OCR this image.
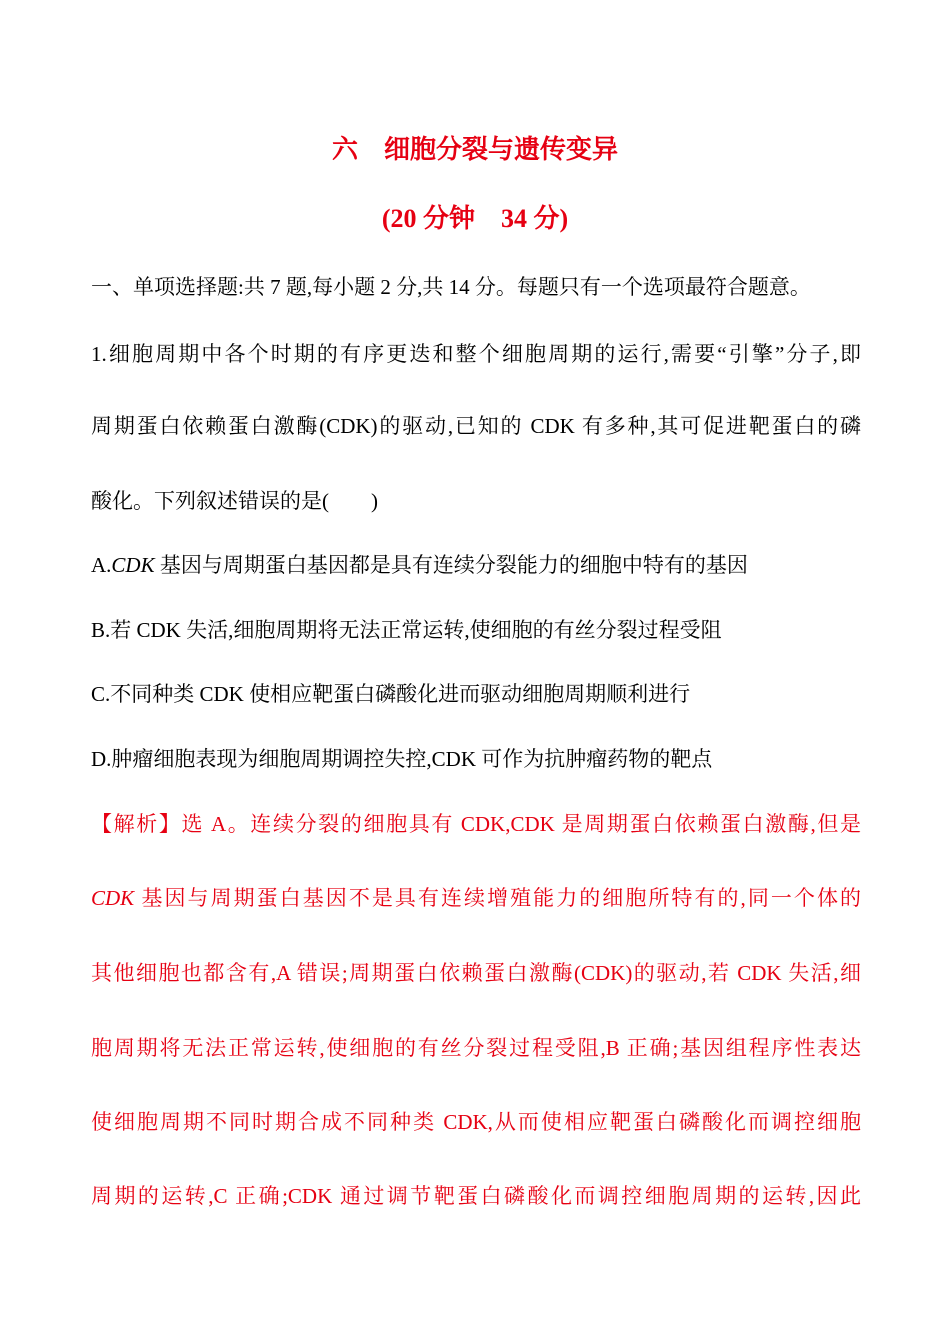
六　细胞分裂与遗传变异
(20 分钟　34 分)
一、单项选择题:共 7 题,每小题 2 分,共 14 分。每题只有一个选项最符合题意。
1.细胞周期中各个时期的有序更迭和整个细胞周期的运行,需要“引擎”分子,即
周期蛋白依赖蛋白激酶(CDK)的驱动,已知的 CDK 有多种,其可促进靶蛋白的磷
酸化。下列叙述错误的是(　　)
A.CDK 基因与周期蛋白基因都是具有连续分裂能力的细胞中特有的基因
B.若 CDK 失活,细胞周期将无法正常运转,使细胞的有丝分裂过程受阻
C.不同种类 CDK 使相应靶蛋白磷酸化进而驱动细胞周期顺利进行
D.肿瘤细胞表现为细胞周期调控失控,CDK 可作为抗肿瘤药物的靶点
【解析】选 A。连续分裂的细胞具有 CDK,CDK 是周期蛋白依赖蛋白激酶,但是
CDK 基因与周期蛋白基因不是具有连续增殖能力的细胞所特有的,同一个体的
其他细胞也都含有,A 错误;周期蛋白依赖蛋白激酶(CDK)的驱动,若 CDK 失活,细
胞周期将无法正常运转,使细胞的有丝分裂过程受阻,B 正确;基因组程序性表达
使细胞周期不同时期合成不同种类 CDK,从而使相应靶蛋白磷酸化而调控细胞
周期的运转,C 正确;CDK 通过调节靶蛋白磷酸化而调控细胞周期的运转,因此
